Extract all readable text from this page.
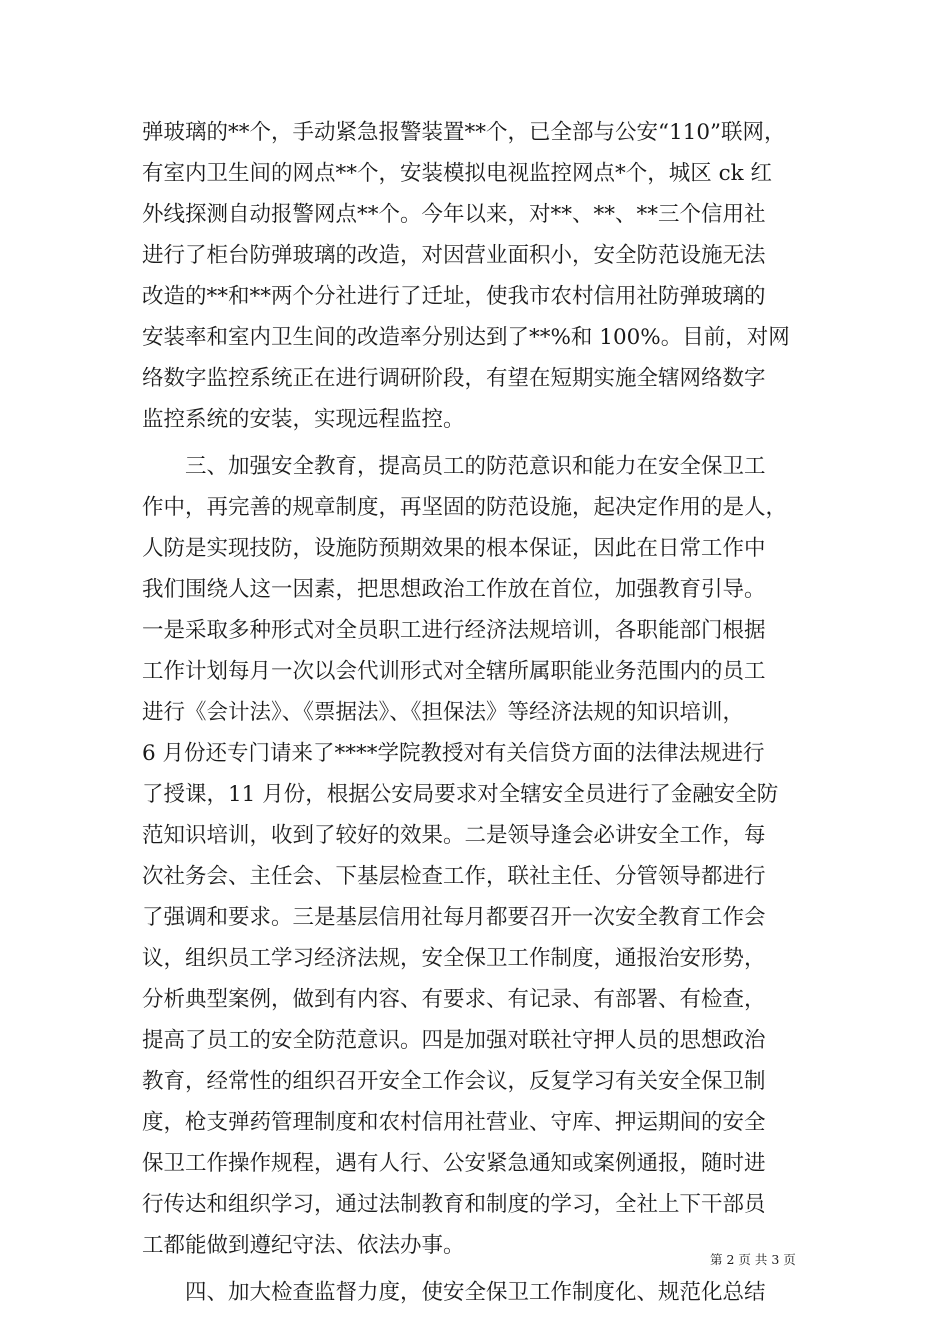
弹玻璃的**个，手动紧急报警装置**个，已全部与公安“110”联网，
有室内卫生间的网点**个，安装模拟电视监控网点*个，城区 ck 红
外线探测自动报警网点**个。今年以来，对**、**、**三个信用社
进行了柜台防弹玻璃的改造，对因营业面积小，安全防范设施无法
改造的**和**两个分社进行了迁址，使我市农村信用社防弹玻璃的
安装率和室内卫生间的改造率分别达到了**%和 100%。目前，对网
络数字监控系统正在进行调研阶段，有望在短期实施全辖网络数字
监控系统的安装，实现远程监控。
三、加强安全教育，提高员工的防范意识和能力在安全保卫工
作中，再完善的规章制度，再坚固的防范设施，起决定作用的是人，
人防是实现技防，设施防预期效果的根本保证，因此在日常工作中
我们围绕人这一因素，把思想政治工作放在首位，加强教育引导。
一是采取多种形式对全员职工进行经济法规培训，各职能部门根据
工作计划每月一次以会代训形式对全辖所属职能业务范围内的员工
进行《会计法》、《票据法》、《担保法》等经济法规的知识培训，
6 月份还专门请来了****学院教授对有关信贷方面的法律法规进行
了授课，11 月份，根据公安局要求对全辖安全员进行了金融安全防
范知识培训，收到了较好的效果。二是领导逢会必讲安全工作，每
次社务会、主任会、下基层检查工作，联社主任、分管领导都进行
了强调和要求。三是基层信用社每月都要召开一次安全教育工作会
议，组织员工学习经济法规，安全保卫工作制度，通报治安形势，
分析典型案例，做到有内容、有要求、有记录、有部署、有检查，
提高了员工的安全防范意识。四是加强对联社守押人员的思想政治
教育，经常性的组织召开安全工作会议，反复学习有关安全保卫制
度，枪支弹药管理制度和农村信用社营业、守库、押运期间的安全
保卫工作操作规程，遇有人行、公安紧急通知或案例通报，随时进
行传达和组织学习，通过法制教育和制度的学习，全社上下干部员
工都能做到遵纪守法、依法办事。
四、加大检查监督力度，使安全保卫工作制度化、规范化总结
第 2 页 共 3 页
